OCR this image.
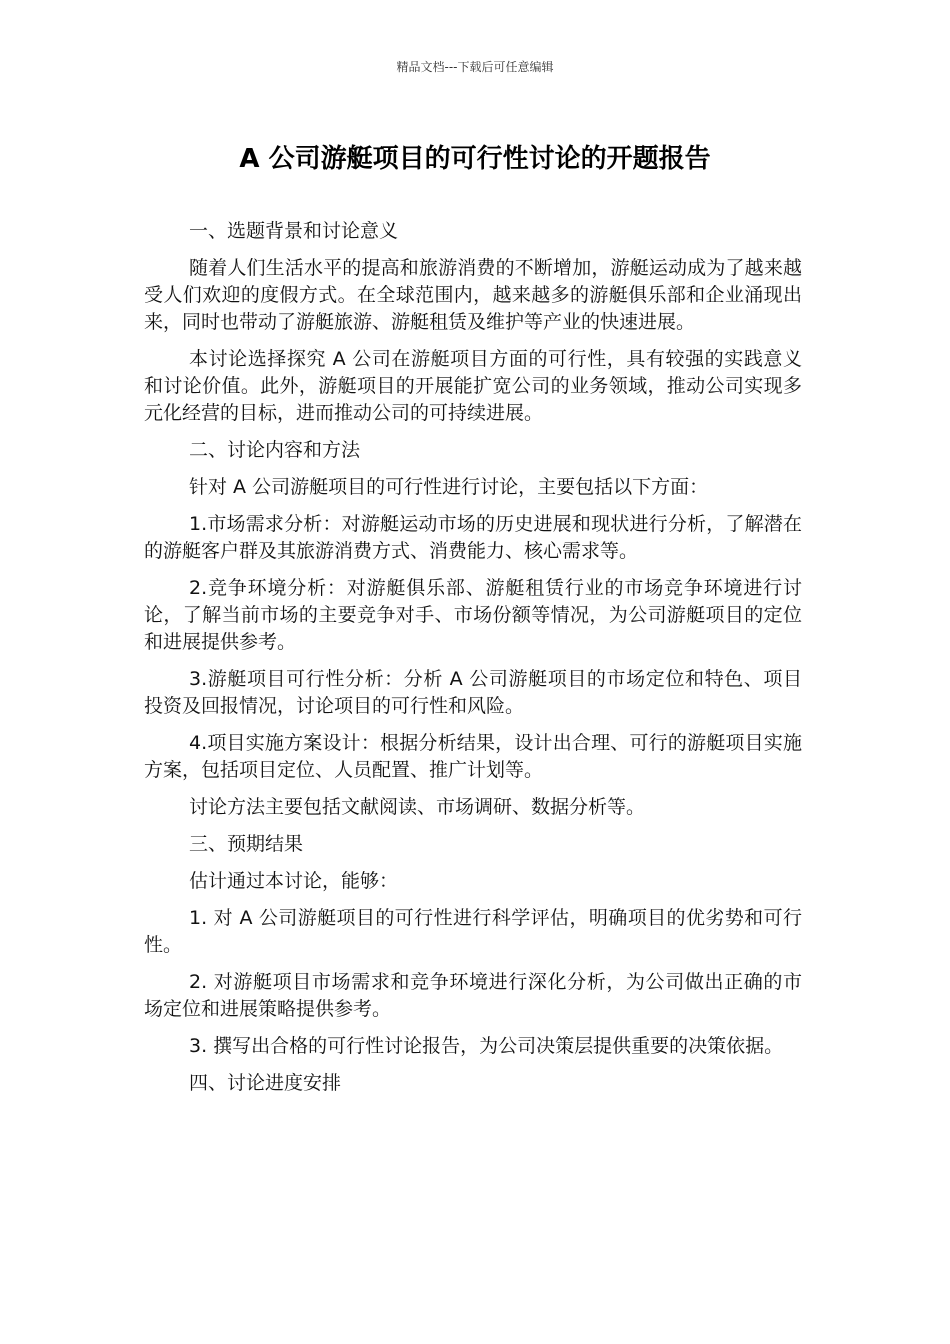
精品文档---下载后可任意编辑
A 公司游艇项目的可行性讨论的开题报告

一、选题背景和讨论意义

随着人们生活水平的提高和旅游消费的不断增加，游艇运动成为了越来越受人们欢迎的度假方式。在全球范围内，越来越多的游艇俱乐部和企业涌现出来，同时也带动了游艇旅游、游艇租赁及维护等产业的快速进展。

本讨论选择探究 A 公司在游艇项目方面的可行性，具有较强的实践意义和讨论价值。此外，游艇项目的开展能扩宽公司的业务领域，推动公司实现多元化经营的目标，进而推动公司的可持续进展。

二、讨论内容和方法

针对 A 公司游艇项目的可行性进行讨论，主要包括以下方面：

1.市场需求分析：对游艇运动市场的历史进展和现状进行分析，了解潜在的游艇客户群及其旅游消费方式、消费能力、核心需求等。

2.竞争环境分析：对游艇俱乐部、游艇租赁行业的市场竞争环境进行讨论，了解当前市场的主要竞争对手、市场份额等情况，为公司游艇项目的定位和进展提供参考。

3.游艇项目可行性分析：分析 A 公司游艇项目的市场定位和特色、项目投资及回报情况，讨论项目的可行性和风险。

4.项目实施方案设计：根据分析结果，设计出合理、可行的游艇项目实施方案，包括项目定位、人员配置、推广计划等。

讨论方法主要包括文献阅读、市场调研、数据分析等。

三、预期结果

估计通过本讨论，能够：

1. 对 A 公司游艇项目的可行性进行科学评估，明确项目的优劣势和可行性。

2. 对游艇项目市场需求和竞争环境进行深化分析，为公司做出正确的市场定位和进展策略提供参考。

3. 撰写出合格的可行性讨论报告，为公司决策层提供重要的决策依据。

四、讨论进度安排
